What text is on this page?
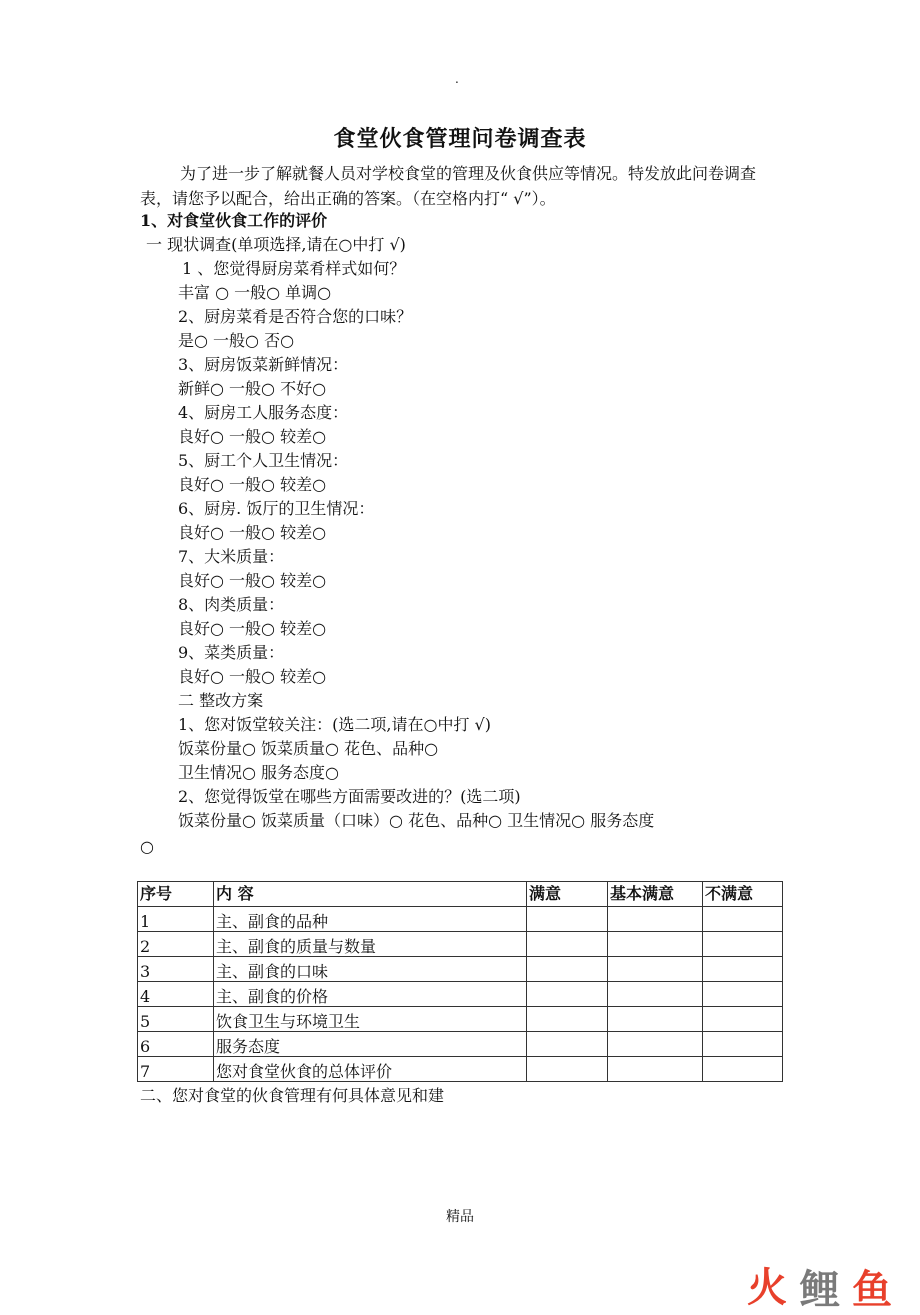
.
食堂伙食管理问卷调查表
为了进一步了解就餐人员对学校食堂的管理及伙食供应等情况。特发放此问卷调查表，请您予以配合，给出正确的答案。（在空格内打“ √”）。
1、对食堂伙食工作的评价
一 现状调查(单项选择,请在○中打 √)
1 、您觉得厨房菜肴样式如何？
丰富 ○ 一般○ 单调○
2、厨房菜肴是否符合您的口味？
是○ 一般○ 否○
3、厨房饭菜新鲜情况：
新鲜○ 一般○ 不好○
4、厨房工人服务态度：
良好○ 一般○ 较差○
5、厨工个人卫生情况：
良好○ 一般○ 较差○
6、厨房. 饭厅的卫生情况：
良好○ 一般○ 较差○
7、大米质量：
良好○ 一般○ 较差○
8、肉类质量：
良好○ 一般○ 较差○
9、菜类质量：
良好○ 一般○ 较差○
二 整改方案
1、您对饭堂较关注：(选二项,请在○中打 √)
饭菜份量○ 饭菜质量○ 花色、品种○
卫生情况○ 服务态度○
2、您觉得饭堂在哪些方面需要改进的？(选二项)
饭菜份量○ 饭菜质量（口味）○ 花色、品种○ 卫生情况○ 服务态度
○
序号	内 容	满意	基本满意	不满意
1	主、副食的品种			
2	主、副食的质量与数量			
3	主、副食的口味			
4	主、副食的价格			
5	饮食卫生与环境卫生			
6	服务态度			
7	您对食堂伙食的总体评价			
二、您对食堂的伙食管理有何具体意见和建
精品
火 鲤 鱼
